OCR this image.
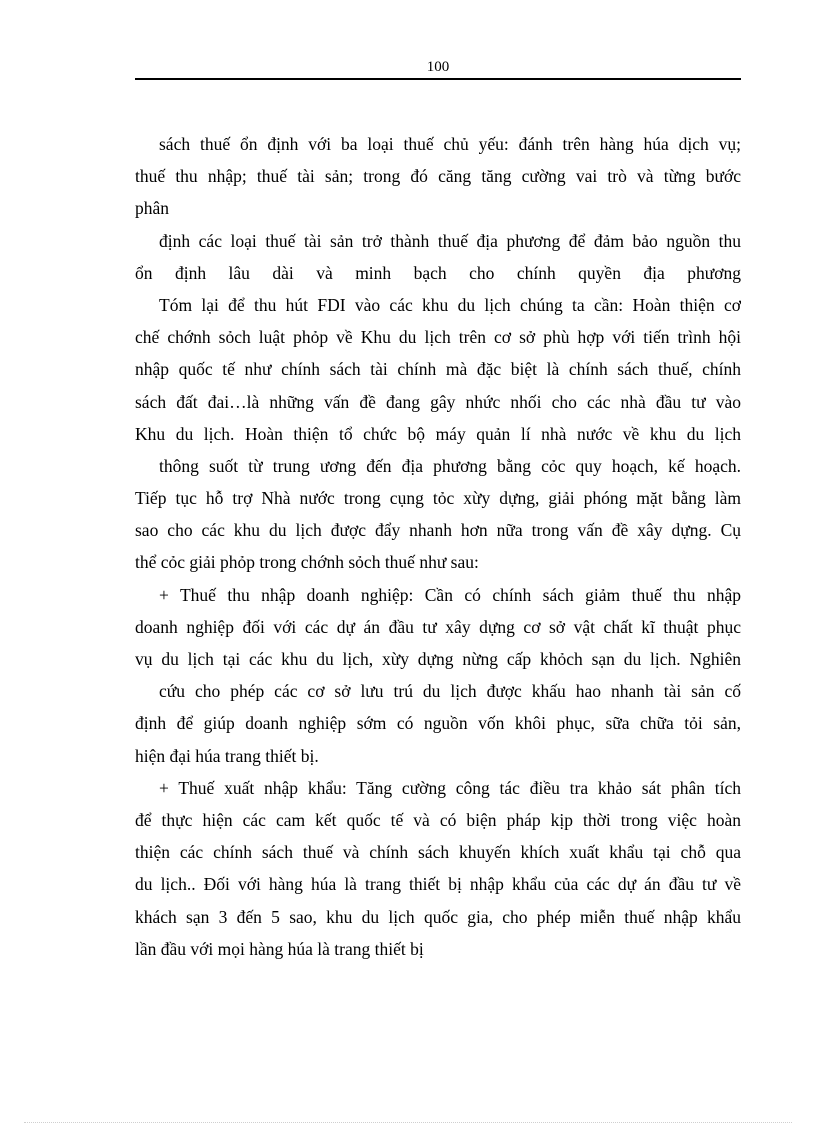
100
sách thuế ổn định với ba loại thuế chủ yếu: đánh trên hàng húa dịch vụ;
thuế thu nhập; thuế tài sản; trong đó căng tăng cường vai trò và từng bước
phân
định các loại thuế tài sản trở thành thuế địa phương để đảm bảo nguồn thu
ổn định lâu dài và minh bạch cho chính quyền địa phương
Tóm lại để thu hút FDI vào các khu du lịch chúng ta cần: Hoàn thiện cơ
chế chớnh sỏch luật phỏp về Khu du lịch trên cơ sở phù hợp với tiến trình hội
nhập quốc tế như chính sách tài chính mà đặc biệt là chính sách thuế, chính
sách đất đai…là những vấn đề đang gây nhức nhối cho các nhà đầu tư vào
Khu du lịch. Hoàn thiện tổ chức bộ máy quản lí nhà nước về khu du lịch
thông suốt từ trung ương đến địa phương bằng cỏc quy hoạch, kế hoạch.
Tiếp tục hỗ trợ Nhà nước trong cụng tỏc xừy dựng, giải phóng mặt bằng làm
sao cho các khu du lịch được đẩy nhanh hơn nữa trong vấn đề xây dựng. Cụ
thể cỏc giải phỏp trong chớnh sỏch thuế như sau:
+ Thuế thu nhập doanh nghiệp: Cần có chính sách giảm thuế thu nhập
doanh nghiệp đối với các dự án đầu tư xây dựng cơ sở vật chất kĩ thuật phục
vụ du lịch tại các khu du lịch, xừy dựng nừng cấp khỏch sạn du lịch. Nghiên
cứu cho phép các cơ sở lưu trú du lịch được khấu hao nhanh tài sản cố
định để giúp doanh nghiệp sớm có nguồn vốn khôi phục, sữa chữa tỏi sản,
hiện đại húa trang thiết bị.
+ Thuế xuất nhập khẩu: Tăng cường công tác điều tra khảo sát phân tích
để thực hiện các cam kết quốc tế và có biện pháp kịp thời trong việc hoàn
thiện các chính sách thuế và chính sách khuyến khích xuất khẩu tại chỗ qua
du lịch.. Đối với hàng húa là trang thiết bị nhập khẩu của các dự án đầu tư về
khách sạn 3 đến 5 sao, khu du lịch quốc gia, cho phép miễn thuế nhập khẩu
lần đầu với mọi hàng húa là trang thiết bị
